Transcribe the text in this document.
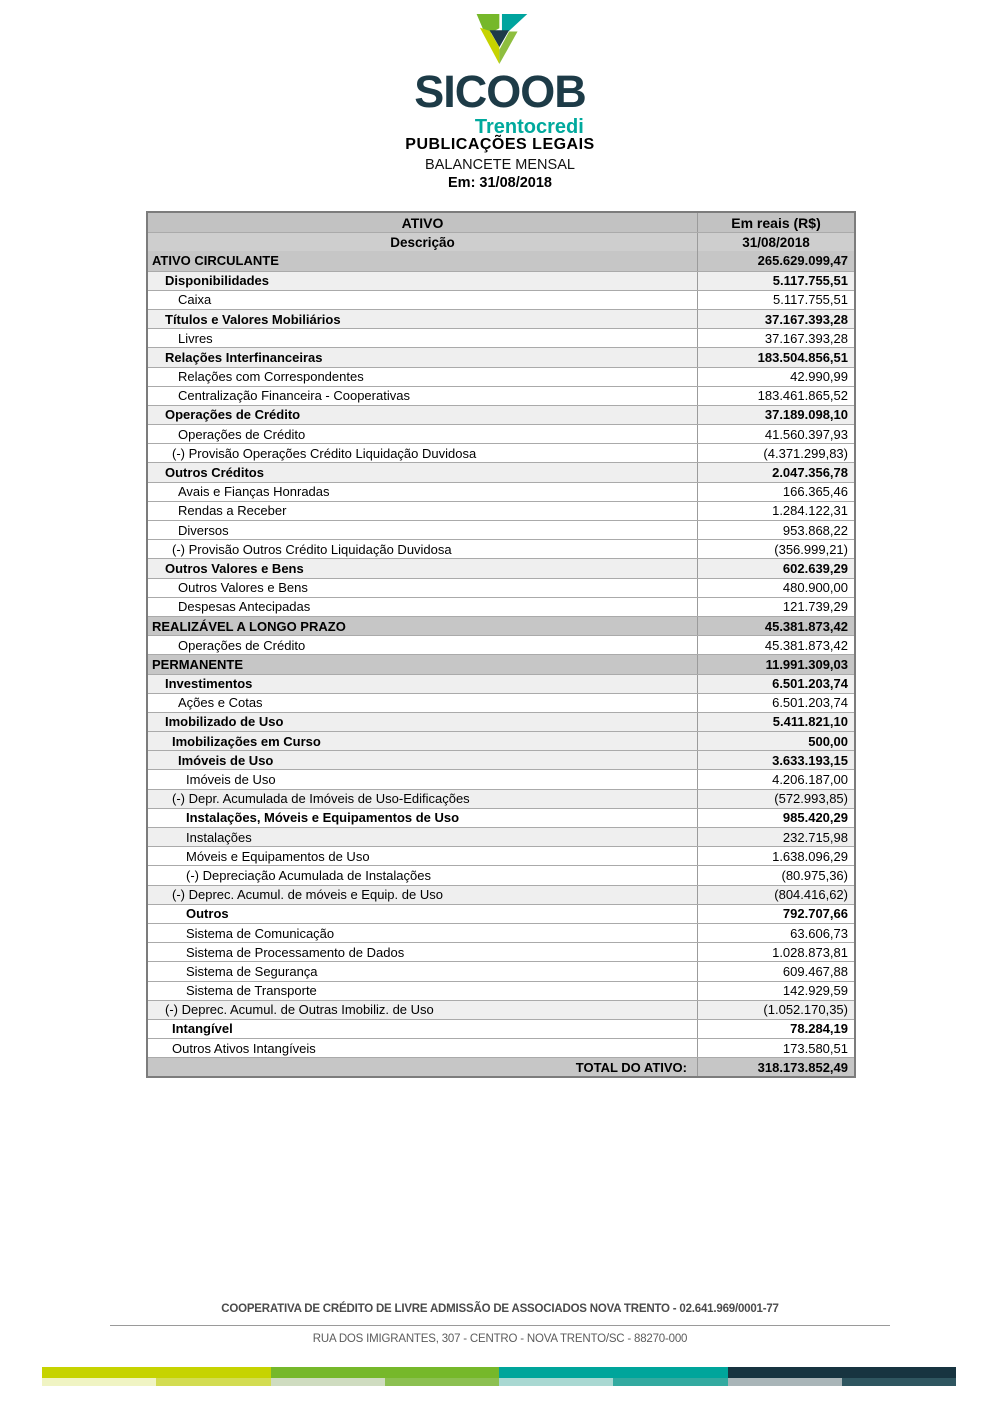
SICOOB
Trentocredi
PUBLICAÇÕES LEGAIS
BALANCETE MENSAL
Em: 31/08/2018
ATIVO	Em reais (R$)
Descrição	31/08/2018
ATIVO CIRCULANTE	265.629.099,47
Disponibilidades	5.117.755,51
Caixa	5.117.755,51
Títulos e Valores Mobiliários	37.167.393,28
Livres	37.167.393,28
Relações Interfinanceiras	183.504.856,51
Relações com Correspondentes	42.990,99
Centralização Financeira - Cooperativas	183.461.865,52
Operações de Crédito	37.189.098,10
Operações de Crédito	41.560.397,93
(-) Provisão Operações Crédito Liquidação Duvidosa	(4.371.299,83)
Outros Créditos	2.047.356,78
Avais e Fianças Honradas	166.365,46
Rendas a Receber	1.284.122,31
Diversos	953.868,22
(-) Provisão Outros Crédito Liquidação Duvidosa	(356.999,21)
Outros Valores e Bens	602.639,29
Outros Valores e Bens	480.900,00
Despesas Antecipadas	121.739,29
REALIZÁVEL A LONGO PRAZO	45.381.873,42
Operações de Crédito	45.381.873,42
PERMANENTE	11.991.309,03
Investimentos	6.501.203,74
Ações e Cotas	6.501.203,74
Imobilizado de Uso	5.411.821,10
Imobilizações em Curso	500,00
Imóveis de Uso	3.633.193,15
Imóveis de Uso	4.206.187,00
(-) Depr. Acumulada de Imóveis de Uso-Edificações	(572.993,85)
Instalações, Móveis e Equipamentos de Uso	985.420,29
Instalações	232.715,98
Móveis e Equipamentos de Uso	1.638.096,29
(-) Depreciação Acumulada de Instalações	(80.975,36)
(-) Deprec. Acumul. de móveis e Equip. de Uso	(804.416,62)
Outros	792.707,66
Sistema de Comunicação	63.606,73
Sistema de Processamento de Dados	1.028.873,81
Sistema de Segurança	609.467,88
Sistema de Transporte	142.929,59
(-) Deprec. Acumul. de Outras Imobiliz. de Uso	(1.052.170,35)
Intangível	78.284,19
Outros Ativos Intangíveis	173.580,51
TOTAL DO ATIVO:	318.173.852,49
COOPERATIVA DE CRÉDITO DE LIVRE ADMISSÃO DE ASSOCIADOS NOVA TRENTO - 02.641.969/0001-77
RUA DOS IMIGRANTES, 307 - CENTRO - NOVA TRENTO/SC - 88270-000
